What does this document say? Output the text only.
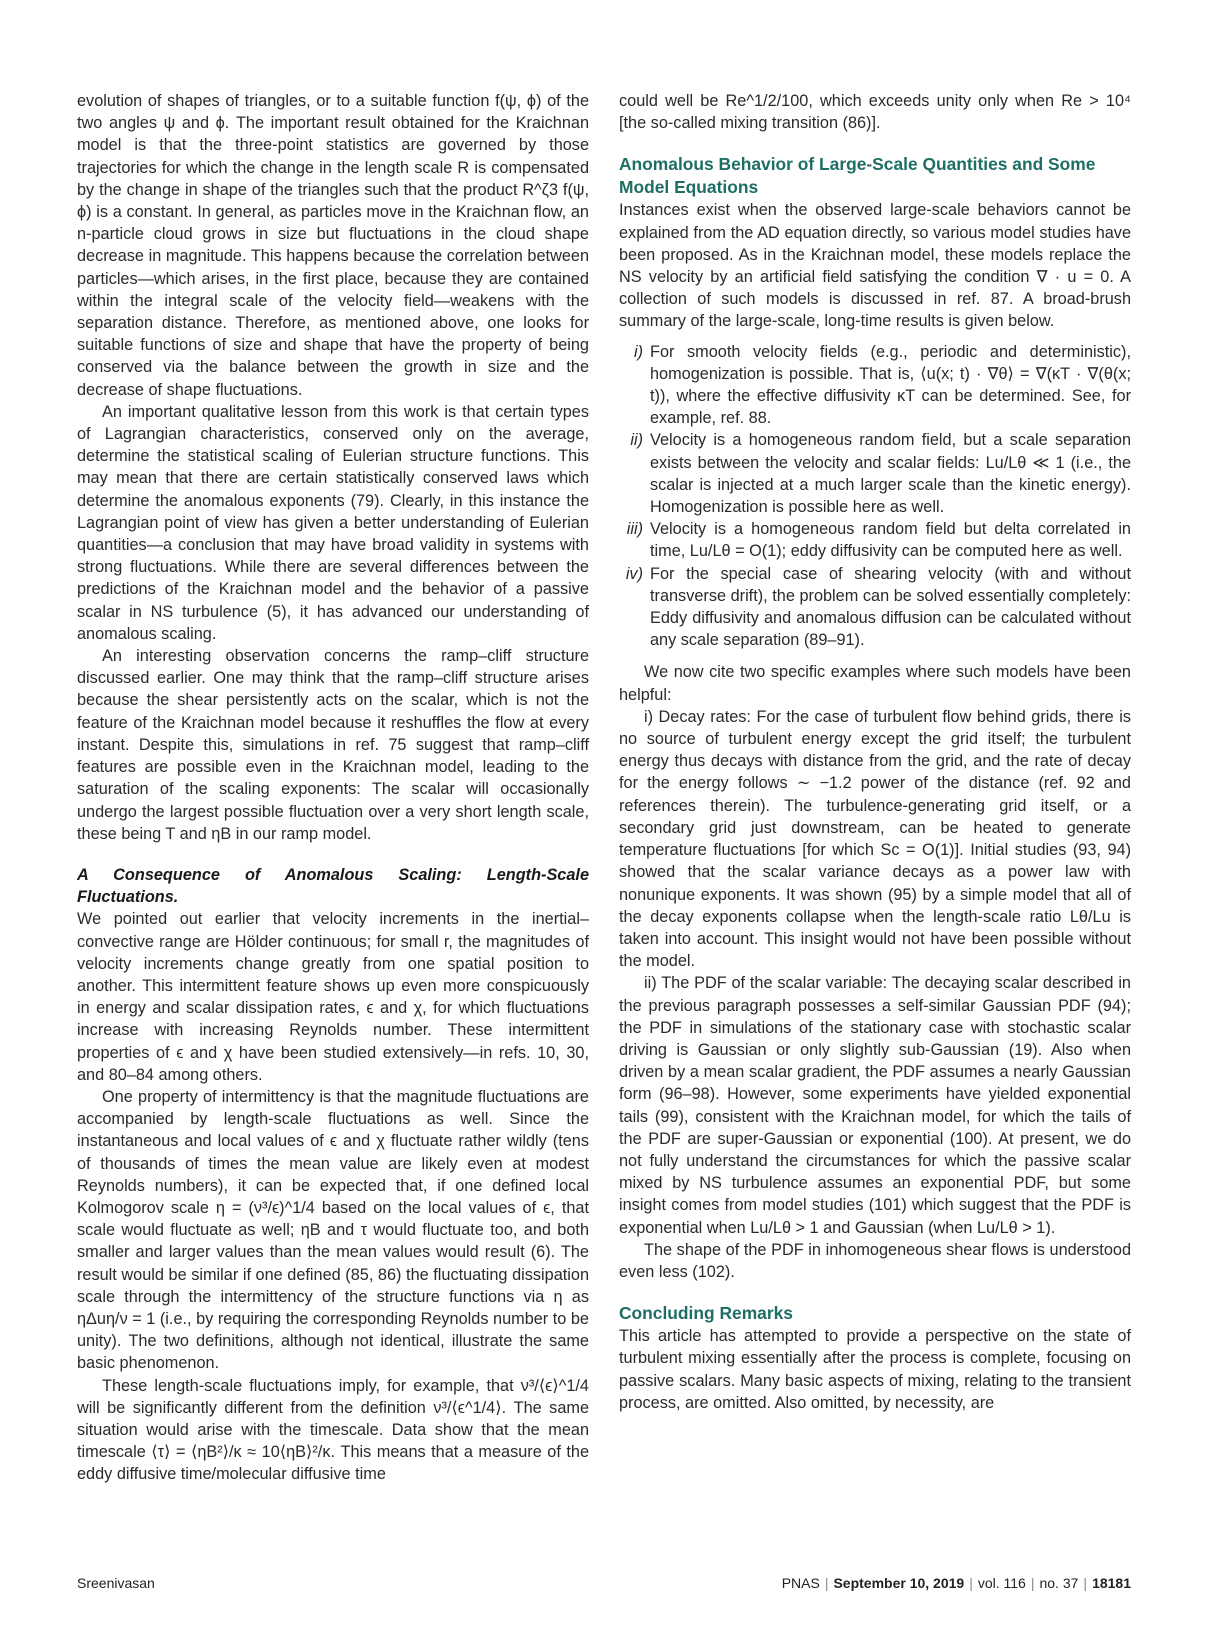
evolution of shapes of triangles, or to a suitable function f(ψ, ϕ) of the two angles ψ and ϕ. The important result obtained for the Kraichnan model is that the three-point statistics are governed by those trajectories for which the change in the length scale R is compensated by the change in shape of the triangles such that the product R^ζ3 f(ψ, ϕ) is a constant. In general, as particles move in the Kraichnan flow, an n-particle cloud grows in size but fluctuations in the cloud shape decrease in magnitude. This happens because the correlation between particles—which arises, in the first place, because they are contained within the integral scale of the velocity field—weakens with the separation distance. Therefore, as mentioned above, one looks for suitable functions of size and shape that have the property of being conserved via the balance between the growth in size and the decrease of shape fluctuations.

An important qualitative lesson from this work is that certain types of Lagrangian characteristics, conserved only on the average, determine the statistical scaling of Eulerian structure functions. This may mean that there are certain statistically conserved laws which determine the anomalous exponents (79). Clearly, in this instance the Lagrangian point of view has given a better understanding of Eulerian quantities—a conclusion that may have broad validity in systems with strong fluctuations. While there are several differences between the predictions of the Kraichnan model and the behavior of a passive scalar in NS turbulence (5), it has advanced our understanding of anomalous scaling.

An interesting observation concerns the ramp–cliff structure discussed earlier. One may think that the ramp–cliff structure arises because the shear persistently acts on the scalar, which is not the feature of the Kraichnan model because it reshuffles the flow at every instant. Despite this, simulations in ref. 75 suggest that ramp–cliff features are possible even in the Kraichnan model, leading to the saturation of the scaling exponents: The scalar will occasionally undergo the largest possible fluctuation over a very short length scale, these being T and ηB in our ramp model.

A Consequence of Anomalous Scaling: Length-Scale Fluctuations.
We pointed out earlier that velocity increments in the inertial–convective range are Hölder continuous; for small r, the magnitudes of velocity increments change greatly from one spatial position to another. This intermittent feature shows up even more conspicuously in energy and scalar dissipation rates, ϵ and χ, for which fluctuations increase with increasing Reynolds number. These intermittent properties of ϵ and χ have been studied extensively—in refs. 10, 30, and 80–84 among others.

One property of intermittency is that the magnitude fluctuations are accompanied by length-scale fluctuations as well. Since the instantaneous and local values of ϵ and χ fluctuate rather wildly (tens of thousands of times the mean value are likely even at modest Reynolds numbers), it can be expected that, if one defined local Kolmogorov scale η = (ν³/ϵ)^1/4 based on the local values of ϵ, that scale would fluctuate as well; ηB and τ would fluctuate too, and both smaller and larger values than the mean values would result (6). The result would be similar if one defined (85, 86) the fluctuating dissipation scale through the intermittency of the structure functions via η as ηΔuη/ν = 1 (i.e., by requiring the corresponding Reynolds number to be unity). The two definitions, although not identical, illustrate the same basic phenomenon.

These length-scale fluctuations imply, for example, that ν³/⟨ϵ⟩^1/4 will be significantly different from the definition ν³/⟨ϵ^1/4⟩. The same situation would arise with the timescale. Data show that the mean timescale ⟨τ⟩ = ⟨ηB²⟩/κ ≈ 10⟨ηB⟩²/κ. This means that a measure of the eddy diffusive time/molecular diffusive time

could well be Re^1/2/100, which exceeds unity only when Re > 10⁴ [the so-called mixing transition (86)].

Anomalous Behavior of Large-Scale Quantities and Some Model Equations

Instances exist when the observed large-scale behaviors cannot be explained from the AD equation directly, so various model studies have been proposed. As in the Kraichnan model, these models replace the NS velocity by an artificial field satisfying the condition ∇ · u = 0. A collection of such models is discussed in ref. 87. A broad-brush summary of the large-scale, long-time results is given below.

i) For smooth velocity fields (e.g., periodic and deterministic), homogenization is possible. That is, ⟨u(x; t) · ∇θ⟩ = ∇(κT · ∇(θ(x; t)), where the effective diffusivity κT can be determined. See, for example, ref. 88.
ii) Velocity is a homogeneous random field, but a scale separation exists between the velocity and scalar fields: Lu/Lθ ≪ 1 (i.e., the scalar is injected at a much larger scale than the kinetic energy). Homogenization is possible here as well.
iii) Velocity is a homogeneous random field but delta correlated in time, Lu/Lθ = O(1); eddy diffusivity can be computed here as well.
iv) For the special case of shearing velocity (with and without transverse drift), the problem can be solved essentially completely: Eddy diffusivity and anomalous diffusion can be calculated without any scale separation (89–91).

We now cite two specific examples where such models have been helpful:

i) Decay rates: For the case of turbulent flow behind grids, there is no source of turbulent energy except the grid itself; the turbulent energy thus decays with distance from the grid, and the rate of decay for the energy follows ∼ −1.2 power of the distance (ref. 92 and references therein). The turbulence-generating grid itself, or a secondary grid just downstream, can be heated to generate temperature fluctuations [for which Sc = O(1)]. Initial studies (93, 94) showed that the scalar variance decays as a power law with nonunique exponents. It was shown (95) by a simple model that all of the decay exponents collapse when the length-scale ratio Lθ/Lu is taken into account. This insight would not have been possible without the model.

ii) The PDF of the scalar variable: The decaying scalar described in the previous paragraph possesses a self-similar Gaussian PDF (94); the PDF in simulations of the stationary case with stochastic scalar driving is Gaussian or only slightly sub-Gaussian (19). Also when driven by a mean scalar gradient, the PDF assumes a nearly Gaussian form (96–98). However, some experiments have yielded exponential tails (99), consistent with the Kraichnan model, for which the tails of the PDF are super-Gaussian or exponential (100). At present, we do not fully understand the circumstances for which the passive scalar mixed by NS turbulence assumes an exponential PDF, but some insight comes from model studies (101) which suggest that the PDF is exponential when Lu/Lθ > 1 and Gaussian (when Lu/Lθ > 1).

The shape of the PDF in inhomogeneous shear flows is understood even less (102).

Concluding Remarks

This article has attempted to provide a perspective on the state of turbulent mixing essentially after the process is complete, focusing on passive scalars. Many basic aspects of mixing, relating to the transient process, are omitted. Also omitted, by necessity, are

Sreenivasan	PNAS | September 10, 2019 | vol. 116 | no. 37 | 18181
